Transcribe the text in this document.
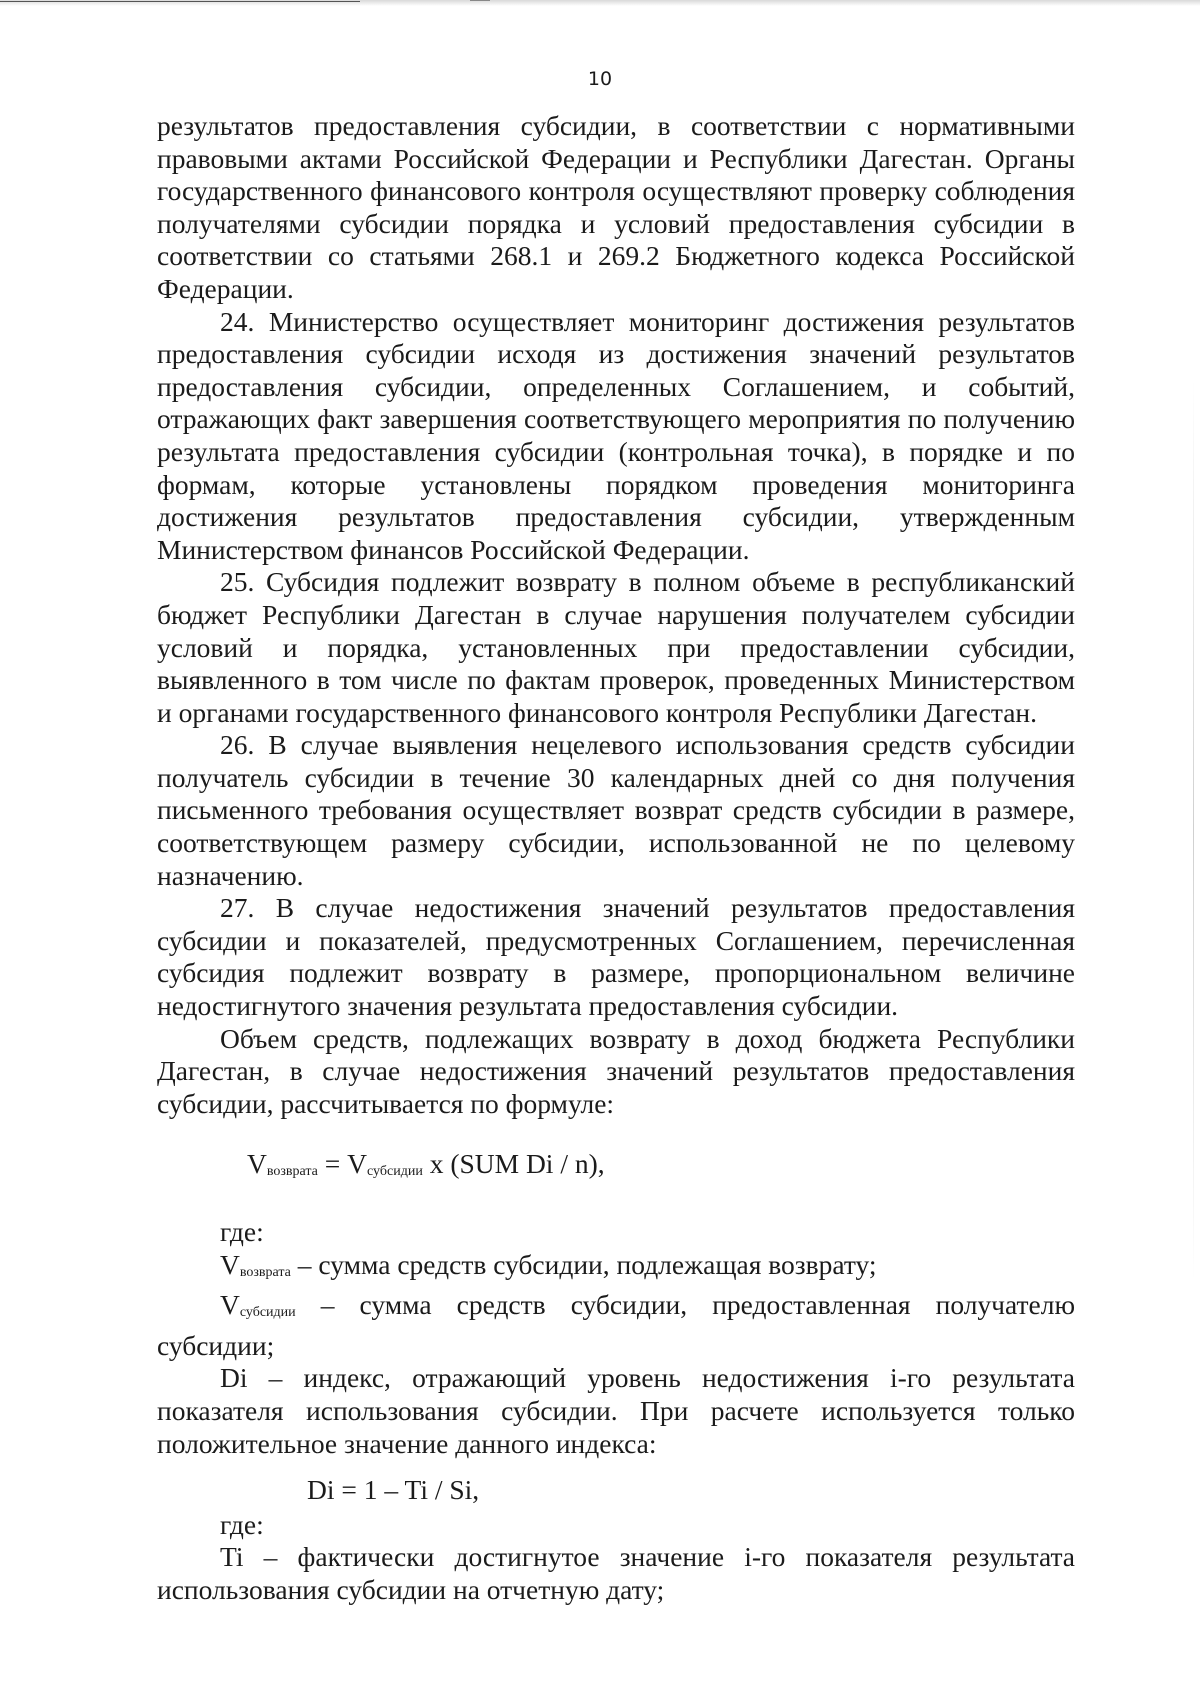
10

результатов предоставления субсидии, в соответствии с нормативными правовыми актами Российской Федерации и Республики Дагестан. Органы государственного финансового контроля осуществляют проверку соблюдения получателями субсидии порядка и условий предоставления субсидии в соответствии со статьями 268.1 и 269.2 Бюджетного кодекса Российской Федерации.

24. Министерство осуществляет мониторинг достижения результатов предоставления субсидии исходя из достижения значений результатов предоставления субсидии, определенных Соглашением, и событий, отражающих факт завершения соответствующего мероприятия по получению результата предоставления субсидии (контрольная точка), в порядке и по формам, которые установлены порядком проведения мониторинга достижения результатов предоставления субсидии, утвержденным Министерством финансов Российской Федерации.

25. Субсидия подлежит возврату в полном объеме в республиканский бюджет Республики Дагестан в случае нарушения получателем субсидии условий и порядка, установленных при предоставлении субсидии, выявленного в том числе по фактам проверок, проведенных Министерством и органами государственного финансового контроля Республики Дагестан.

26. В случае выявления нецелевого использования средств субсидии получатель субсидии в течение 30 календарных дней со дня получения письменного требования осуществляет возврат средств субсидии в размере, соответствующем размеру субсидии, использованной не по целевому назначению.

27. В случае недостижения значений результатов предоставления субсидии и показателей, предусмотренных Соглашением, перечисленная субсидия подлежит возврату в размере, пропорциональном величине недостигнутого значения результата предоставления субсидии.

Объем средств, подлежащих возврату в доход бюджета Республики Дагестан, в случае недостижения значений результатов предоставления субсидии, рассчитывается по формуле:

$V_{возврата} = V_{субсидии}$ x (SUM Di / n),

где:

$V_{возврата}$ – сумма средств субсидии, подлежащая возврату;

$V_{субсидии}$ – сумма средств субсидии, предоставленная получателю субсидии;

Di – индекс, отражающий уровень недостижения i-го результата показателя использования субсидии. При расчете используется только положительное значение данного индекса:

Di = 1 – Ti / Si,

где:

Ti – фактически достигнутое значение i-го показателя результата использования субсидии на отчетную дату;
